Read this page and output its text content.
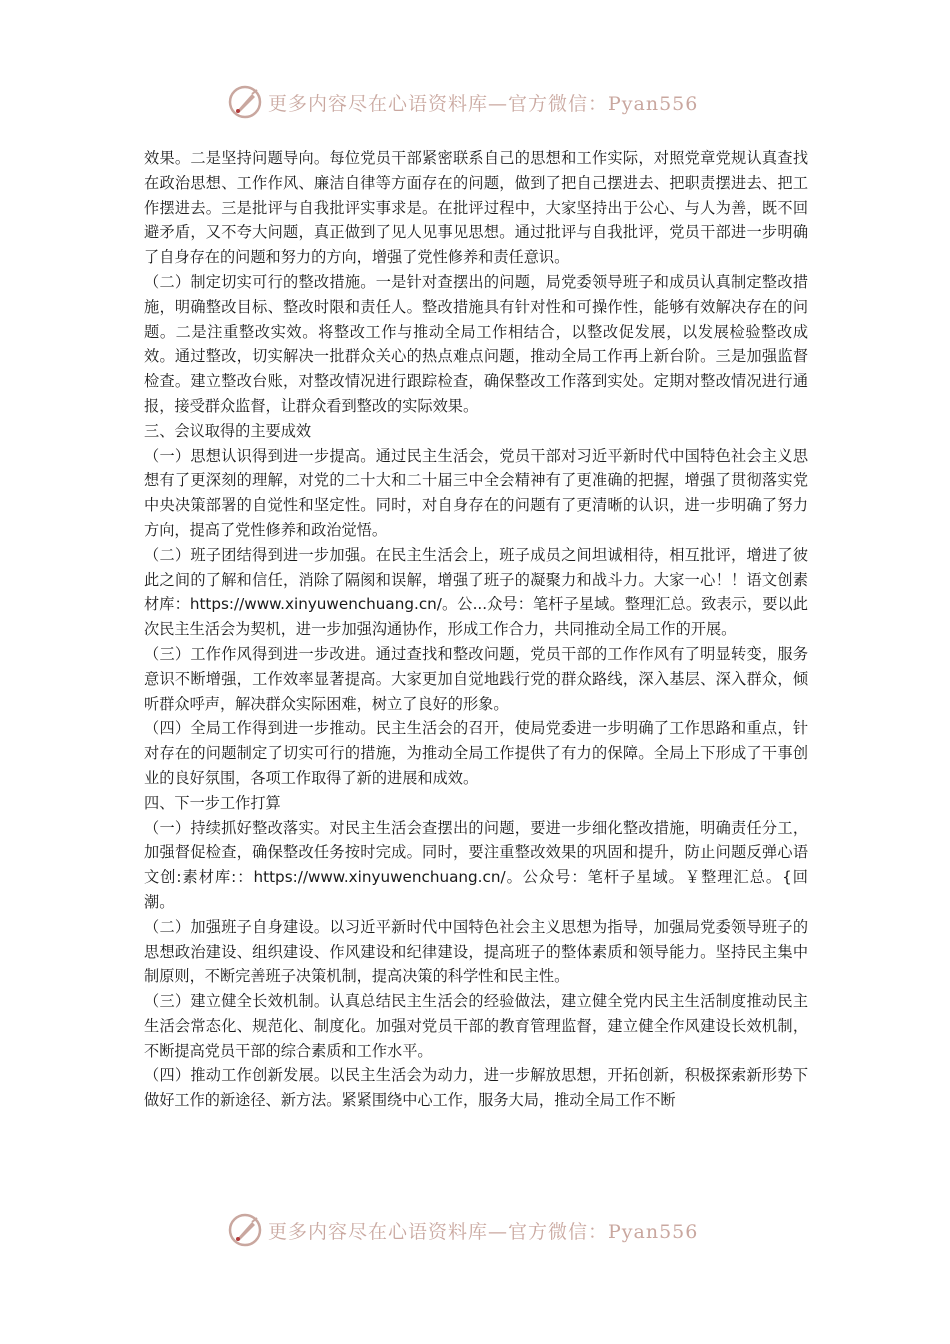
更多内容尽在心语资料库—官方微信：Pyan556

效果。二是坚持问题导向。每位党员干部紧密联系自己的思想和工作实际，对照党章党规认真查找在政治思想、工作作风、廉洁自律等方面存在的问题，做到了把自己摆进去、把职责摆进去、把工作摆进去。三是批评与自我批评实事求是。在批评过程中，大家坚持出于公心、与人为善，既不回避矛盾，又不夸大问题，真正做到了见人见事见思想。通过批评与自我批评，党员干部进一步明确了自身存在的问题和努力的方向，增强了党性修养和责任意识。

（二）制定切实可行的整改措施。一是针对查摆出的问题，局党委领导班子和成员认真制定整改措施，明确整改目标、整改时限和责任人。整改措施具有针对性和可操作性，能够有效解决存在的问题。二是注重整改实效。将整改工作与推动全局工作相结合，以整改促发展，以发展检验整改成效。通过整改，切实解决一批群众关心的热点难点问题，推动全局工作再上新台阶。三是加强监督检查。建立整改台账，对整改情况进行跟踪检查，确保整改工作落到实处。定期对整改情况进行通报，接受群众监督，让群众看到整改的实际效果。

三、会议取得的主要成效

（一）思想认识得到进一步提高。通过民主生活会，党员干部对习近平新时代中国特色社会主义思想有了更深刻的理解，对党的二十大和二十届三中全会精神有了更准确的把握，增强了贯彻落实党中央决策部署的自觉性和坚定性。同时，对自身存在的问题有了更清晰的认识，进一步明确了努力方向，提高了党性修养和政治觉悟。

（二）班子团结得到进一步加强。在民主生活会上，班子成员之间坦诚相待，相互批评，增进了彼此之间的了解和信任，消除了隔阂和误解，增强了班子的凝聚力和战斗力。大家一心！！语文创素材库：https://www.xinyuwenchuang.cn/。公...众号：笔杆子星域。整理汇总。致表示，要以此次民主生活会为契机，进一步加强沟通协作，形成工作合力，共同推动全局工作的开展。

（三）工作作风得到进一步改进。通过查找和整改问题，党员干部的工作作风有了明显转变，服务意识不断增强，工作效率显著提高。大家更加自觉地践行党的群众路线，深入基层、深入群众，倾听群众呼声，解决群众实际困难，树立了良好的形象。

（四）全局工作得到进一步推动。民主生活会的召开，使局党委进一步明确了工作思路和重点，针对存在的问题制定了切实可行的措施，为推动全局工作提供了有力的保障。全局上下形成了干事创业的良好氛围，各项工作取得了新的进展和成效。

四、下一步工作打算

（一）持续抓好整改落实。对民主生活会查摆出的问题，要进一步细化整改措施，明确责任分工，加强督促检查，确保整改任务按时完成。同时，要注重整改效果的巩固和提升，防止问题反弹心语文创:素材库:：https://www.xinyuwenchuang.cn/。公众号：笔杆子星域。￥整理汇总。{回潮。

（二）加强班子自身建设。以习近平新时代中国特色社会主义思想为指导，加强局党委领导班子的思想政治建设、组织建设、作风建设和纪律建设，提高班子的整体素质和领导能力。坚持民主集中制原则，不断完善班子决策机制，提高决策的科学性和民主性。

（三）建立健全长效机制。认真总结民主生活会的经验做法，建立健全党内民主生活制度推动民主生活会常态化、规范化、制度化。加强对党员干部的教育管理监督，建立健全作风建设长效机制，不断提高党员干部的综合素质和工作水平。

（四）推动工作创新发展。以民主生活会为动力，进一步解放思想，开拓创新，积极探索新形势下做好工作的新途径、新方法。紧紧围绕中心工作，服务大局，推动全局工作不断

更多内容尽在心语资料库—官方微信：Pyan556
